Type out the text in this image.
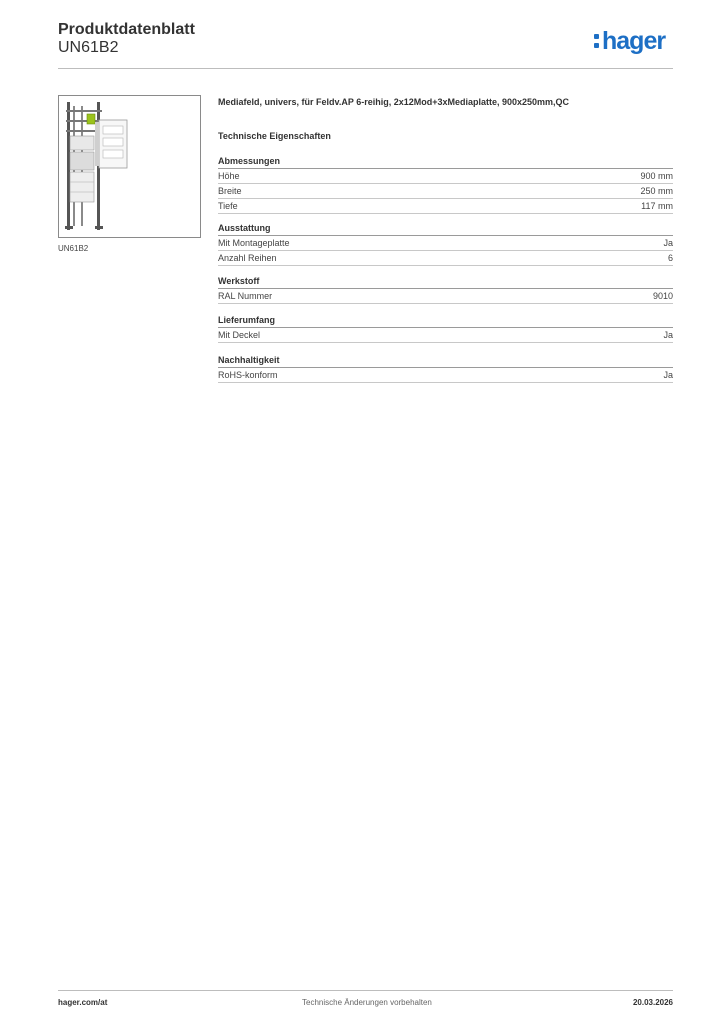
Produktdatenblatt
UN61B2	hager
UN61B2
Mediafeld, univers, für Feldv.AP 6-reihig, 2x12Mod+3xMediaplatte, 900x250mm,QC
Technische Eigenschaften
Abmessungen
Höhe	900 mm
Breite	250 mm
Tiefe	117 mm
Ausstattung
Mit Montageplatte	Ja
Anzahl Reihen	6
Werkstoff
RAL Nummer	9010
Lieferumfang
Mit Deckel	Ja
Nachhaltigkeit
RoHS-konform	Ja
hager.com/at	Technische Änderungen vorbehalten	20.03.2026
